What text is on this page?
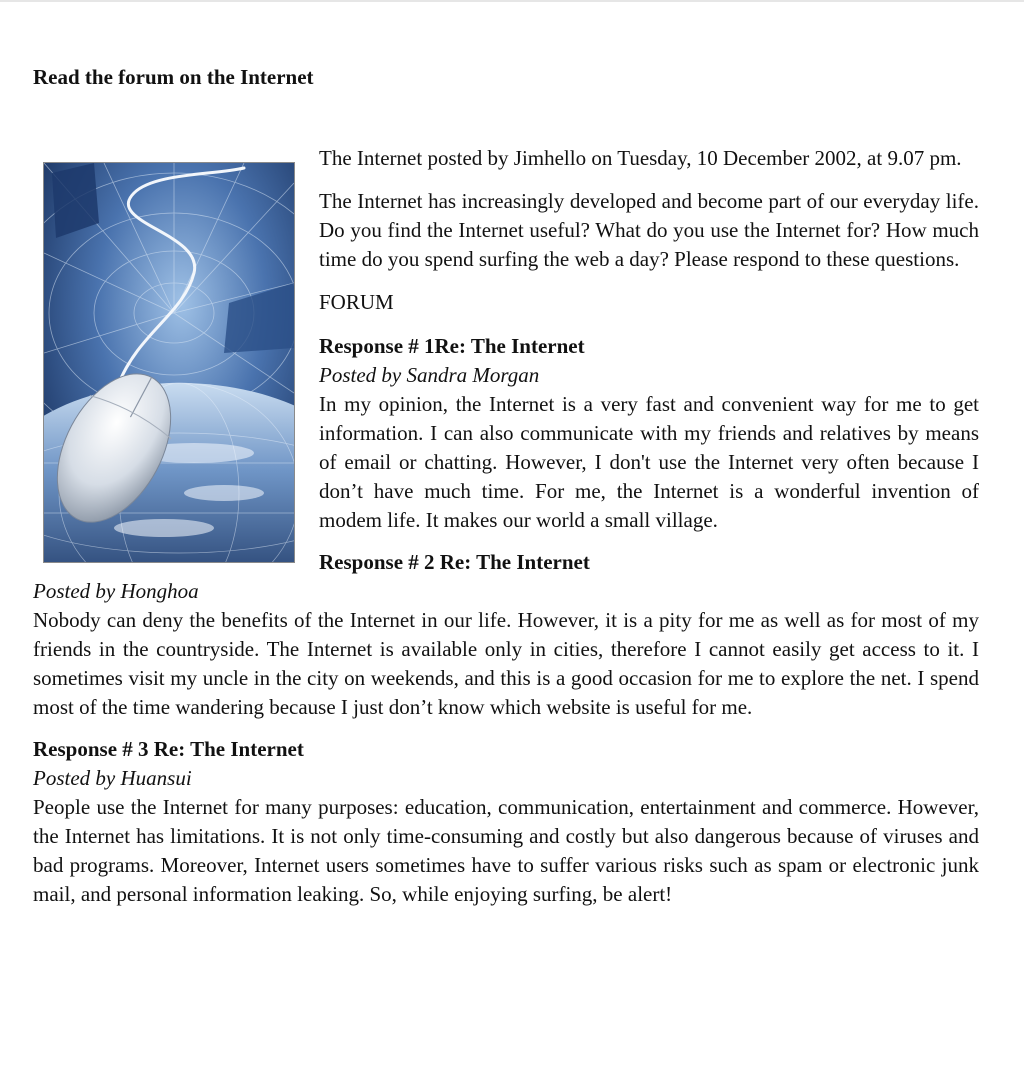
Read the forum on the Internet

The Internet posted by Jimhello on Tuesday, 10 December 2002, at 9.07 pm.

The Internet has increasingly developed and become part of our everyday life. Do you find the Internet useful? What do you use the Internet for? How much time do you spend surfing the web a day? Please respond to these questions.

FORUM

Response # 1Re: The Internet

Posted by Sandra Morgan

In my opinion, the Internet is a very fast and convenient way for me to get information. I can also communicate with my friends and relatives by means of email or chatting. However, I don't use the Internet very often because I don’t have much time. For me, the Internet is a wonderful invention of modem life. It makes our world a small village.

Response # 2 Re: The Internet

Posted by Honghoa

Nobody can deny the benefits of the Internet in our life. However, it is a pity for me as well as for most of my friends in the countryside. The Internet is available only in cities, therefore I cannot easily get access to it. I sometimes visit my uncle in the city on weekends, and this is a good occasion for me to explore the net. I spend most of the time wandering because I just don’t know which website is useful for me.

Response # 3 Re: The Internet

Posted by Huansui

People use the Internet for many purposes: education, communication, entertainment and commerce. However, the Internet has limitations. It is not only time-consuming and costly but also dangerous because of viruses and bad programs. Moreover, Internet users sometimes have to suffer various risks such as spam or electronic junk mail, and personal information leaking. So, while enjoying surfing, be alert!
